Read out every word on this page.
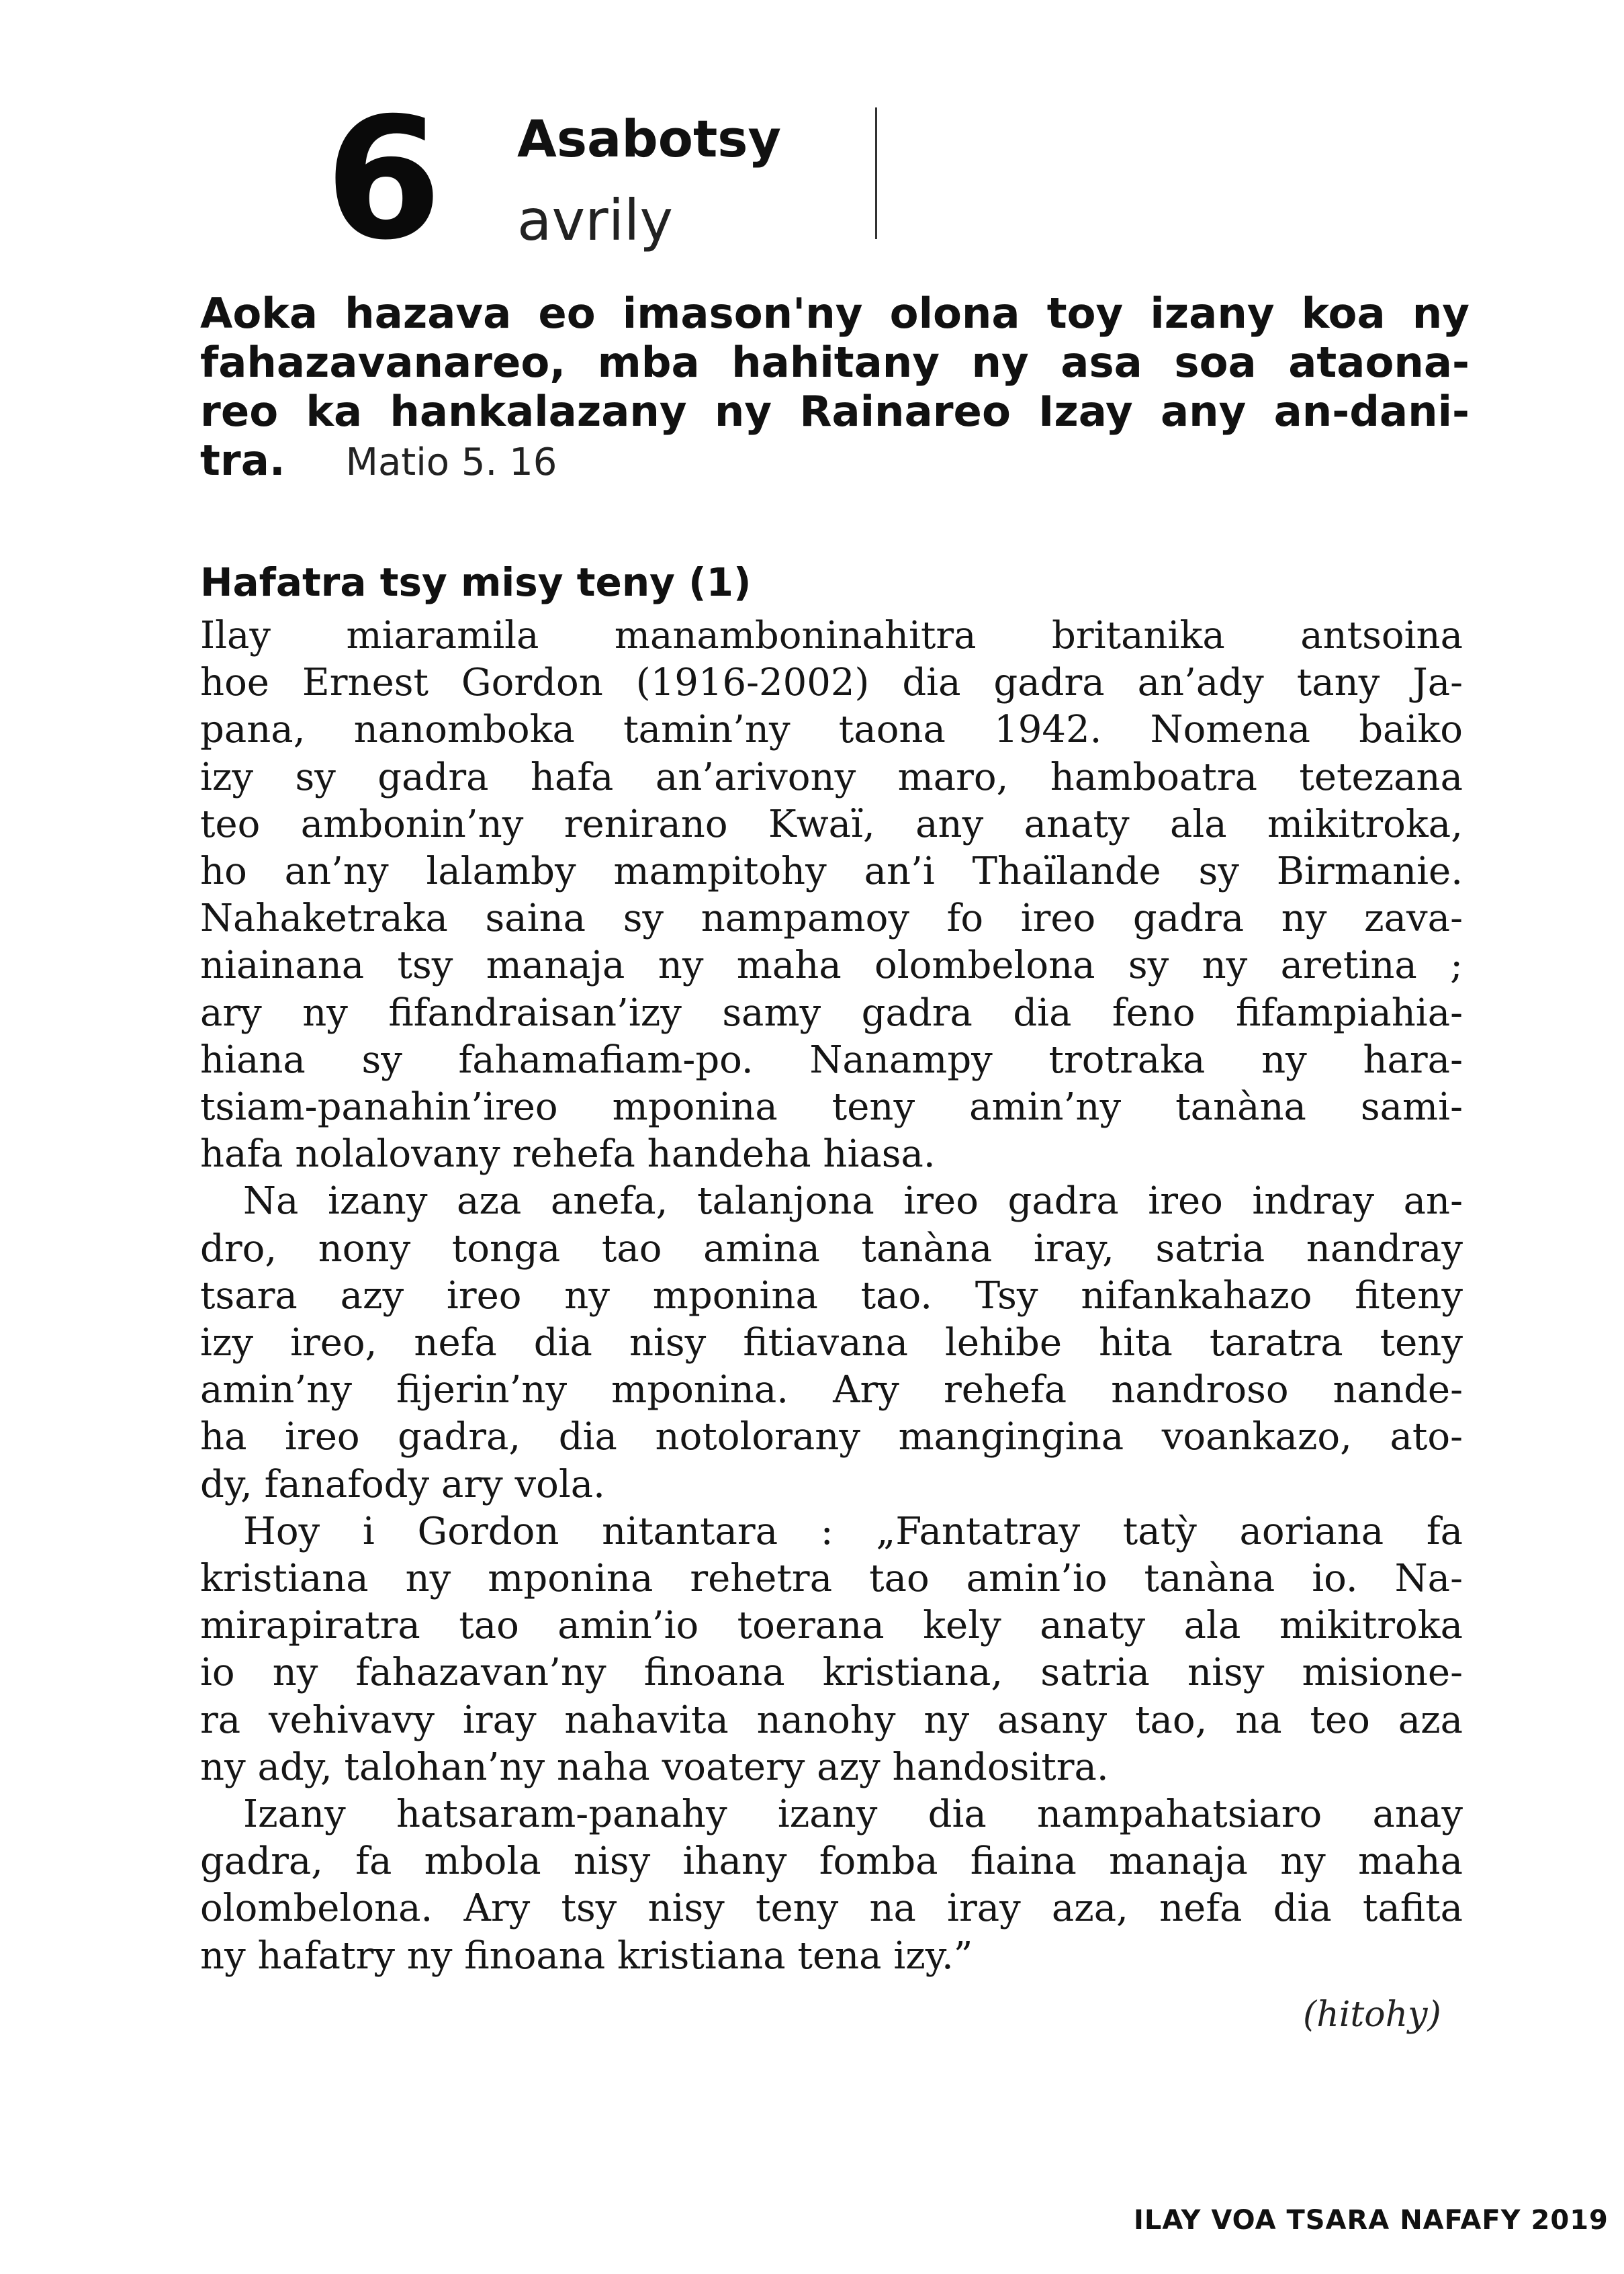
6 Asabotsy
avrily
Aoka hazava eo imason'ny olona toy izany koa ny
fahazavanareo, mba hahitany ny asa soa ataona-
reo ka hankalazany ny Rainareo Izay any an-dani-
tra. Matio 5. 16
Hafatra tsy misy teny (1)
Ilay miaramila manamboninahitra britanika antsoina
hoe Ernest Gordon (1916-2002) dia gadra an’ady tany Ja-
pana, nanomboka tamin’ny taona 1942. Nomena baiko
izy sy gadra hafa an’arivony maro, hamboatra tetezana
teo ambonin’ny renirano Kwaï, any anaty ala mikitroka,
ho an’ny lalamby mampitohy an’i Thaïlande sy Birmanie.
Nahaketraka saina sy nampamoy fo ireo gadra ny zava-
niainana tsy manaja ny maha olombelona sy ny aretina ;
ary ny fifandraisan’izy samy gadra dia feno fifampiahia-
hiana sy fahamafiam-po. Nanampy trotraka ny hara-
tsiam-panahin’ireo mponina teny amin’ny tanàna sami-
hafa nolalovany rehefa handeha hiasa.
Na izany aza anefa, talanjona ireo gadra ireo indray an-
dro, nony tonga tao amina tanàna iray, satria nandray
tsara azy ireo ny mponina tao. Tsy nifankahazo fiteny
izy ireo, nefa dia nisy fitiavana lehibe hita taratra teny
amin’ny fijerin’ny mponina. Ary rehefa nandroso nande-
ha ireo gadra, dia notolorany mangingina voankazo, ato-
dy, fanafody ary vola.
Hoy i Gordon nitantara : „Fantatray tatỳ aoriana fa
kristiana ny mponina rehetra tao amin’io tanàna io. Na-
mirapiratra tao amin’io toerana kely anaty ala mikitroka
io ny fahazavan’ny finoana kristiana, satria nisy misione-
ra vehivavy iray nahavita nanohy ny asany tao, na teo aza
ny ady, talohan’ny naha voatery azy handositra.
Izany hatsaram-panahy izany dia nampahatsiaro anay
gadra, fa mbola nisy ihany fomba fiaina manaja ny maha
olombelona. Ary tsy nisy teny na iray aza, nefa dia tafita
ny hafatry ny finoana kristiana tena izy.”
(hitohy)
ILAY VOA TSARA NAFAFY 2019
